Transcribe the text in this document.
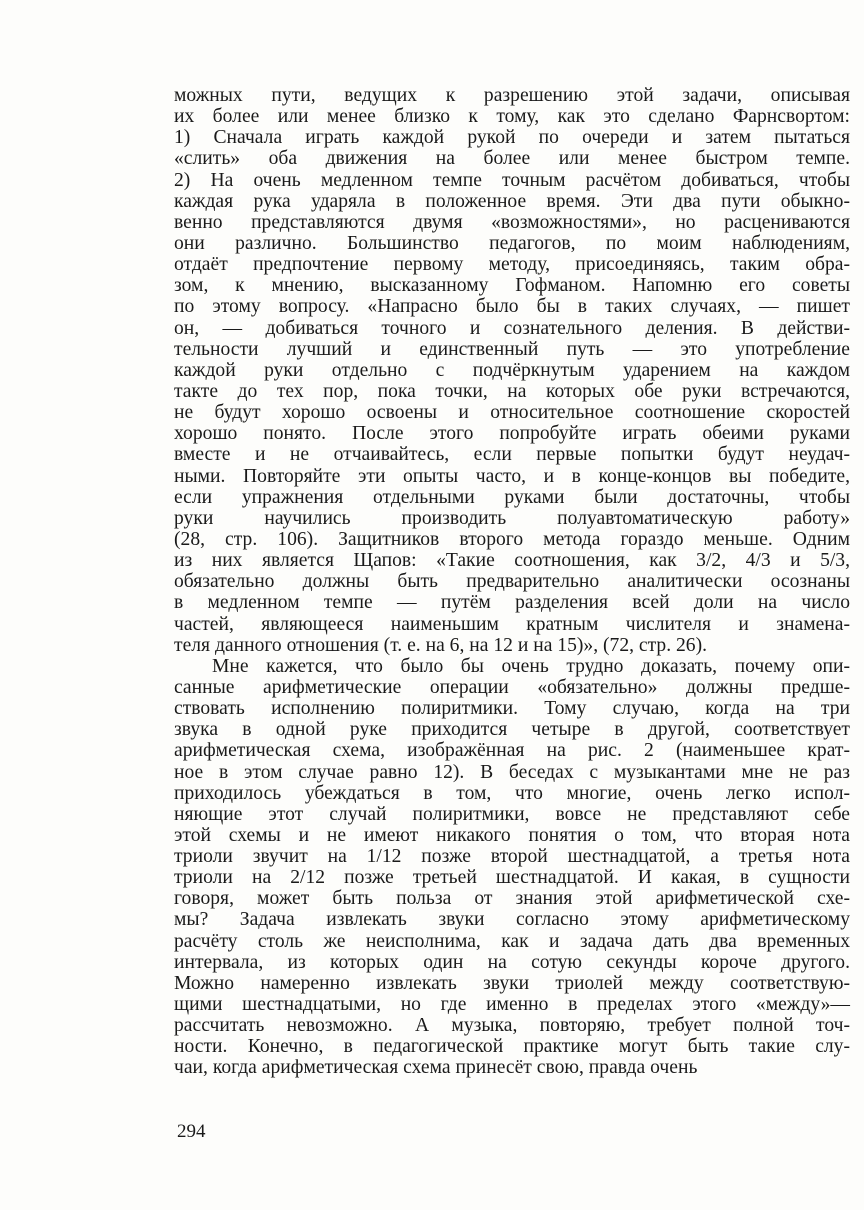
можных пути, ведущих к разрешению этой задачи, описывая
их более или менее близко к тому, как это сделано Фарнсвортом:
1) Сначала играть каждой рукой по очереди и затем пытаться
«слить» оба движения на более или менее быстром темпе.
2) На очень медленном темпе точным расчётом добиваться, чтобы
каждая рука ударяла в положенное время. Эти два пути обыкно-
венно представляются двумя «возможностями», но расцениваются
они различно. Большинство педагогов, по моим наблюдениям,
отдаёт предпочтение первому методу, присоединяясь, таким обра-
зом, к мнению, высказанному Гофманом. Напомню его советы
по этому вопросу. «Напрасно было бы в таких случаях, — пишет
он, — добиваться точного и сознательного деления. В действи-
тельности лучший и единственный путь — это употребление
каждой руки отдельно с подчёркнутым ударением на каждом
такте до тех пор, пока точки, на которых обе руки встречаются,
не будут хорошо освоены и относительное соотношение скоростей
хорошо понято. После этого попробуйте играть обеими руками
вместе и не отчаивайтесь, если первые попытки будут неудач-
ными. Повторяйте эти опыты часто, и в конце-концов вы победите,
если упражнения отдельными руками были достаточны, чтобы
руки научились производить полуавтоматическую работу»
(28, стр. 106). Защитников второго метода гораздо меньше. Одним
из них является Щапов: «Такие соотношения, как 3/2, 4/3 и 5/3,
обязательно должны быть предварительно аналитически осознаны
в медленном темпе — путём разделения всей доли на число
частей, являющееся наименьшим кратным числителя и знамена-
теля данного отношения (т. е. на 6, на 12 и на 15)», (72, стр. 26).
Мне кажется, что было бы очень трудно доказать, почему опи-
санные арифметические операции «обязательно» должны предше-
ствовать исполнению полиритмики. Тому случаю, когда на три
звука в одной руке приходится четыре в другой, соответствует
арифметическая схема, изображённая на рис. 2 (наименьшее крат-
ное в этом случае равно 12). В беседах с музыкантами мне не раз
приходилось убеждаться в том, что многие, очень легко испол-
няющие этот случай полиритмики, вовсе не представляют себе
этой схемы и не имеют никакого понятия о том, что вторая нота
триоли звучит на 1/12 позже второй шестнадцатой, а третья нота
триоли на 2/12 позже третьей шестнадцатой. И какая, в сущности
говоря, может быть польза от знания этой арифметической схе-
мы? Задача извлекать звуки согласно этому арифметическому
расчёту столь же неисполнима, как и задача дать два временных
интервала, из которых один на сотую секунды короче другого.
Можно намеренно извлекать звуки триолей между соответствую-
щими шестнадцатыми, но где именно в пределах этого «между»—
рассчитать невозможно. А музыка, повторяю, требует полной точ-
ности. Конечно, в педагогической практике могут быть такие слу-
чаи, когда арифметическая схема принесёт свою, правда очень
294
